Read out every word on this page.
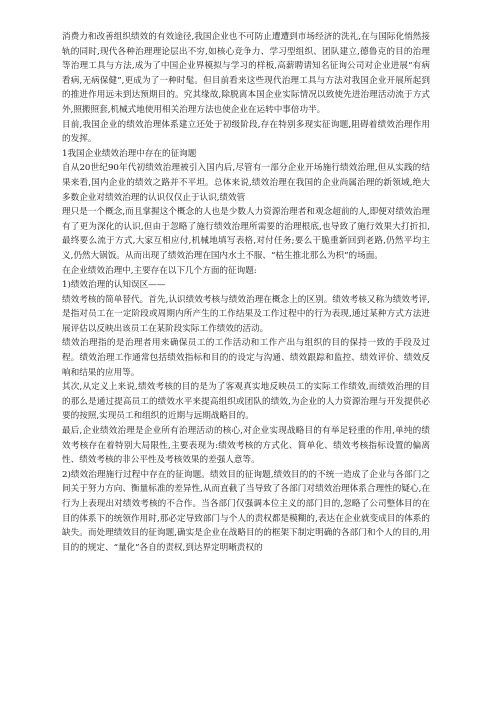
消费力和改善组织绩效的有效途径,我国企业也不可防止遭遭到市场经济的洗礼,在与国际化悄然接轨的同时,现代各种治理理论层出不穷,如核心竞争力、学习型组织、团队建立,德鲁克的目的治理等治理工具与方法,成为了中国企业界模拟与学习的样板,高薪聘请知名征询公司对企业进展“有病看病,无病保健”,更成为了一种时髦。但目前看来这些现代治理工具与方法对我国企业开展所起到的推进作用远未到达预期目的。究其缘故,除脱离本国企业实际情况以致使先进治理活动流于方式外,照搬照套,机械式地使用相关治理方法也使企业在运转中事倍功半。

目前,我国企业的绩效治理体系建立还处于初级阶段,存在特别多现实征询题,阻碍着绩效治理作用的发挥。

1我国企业绩效治理中存在的征询题

自从20世纪90年代初绩效治理被引入国内后,尽管有一部分企业开场施行绩效治理,但从实践的结果来看,国内企业的绩效之路并不平坦。总体来说,绩效治理在我国的企业尚属治理的新领域,绝大多数企业对绩效治理的认识仅仅止于认识,绩效管

理只是一个概念,而且掌握这个概念的人也是少数人力资源治理者和观念超前的人,即便对绩效治理有了更为深化的认识,但由于忽略了施行绩效治理所需要的治理根底,也导致了施行效果大打折扣,最终要么流于方式,大家互相应付,机械地填写表格,对付任务;要么干脆重新回到老路,仍然平均主义,仍然大锅饭。从而出现了绩效治理在国内水土不服、“枯生推北那么为枳”的场面。

在企业绩效治理中,主要存在以下几个方面的征询题:

1)绩效治理的认知误区——

绩效考核的简单替代。首先,认识绩效考核与绩效治理在概念上的区别。绩效考核又称为绩效考评,是指对员工在一定阶段或周期内所产生的工作结果及工作过程中的行为表现,通过某种方式方法进展评估以反映出该员工在某阶段实际工作绩效的活动。

绩效治理指的是治理者用来确保员工的工作活动和工作产出与组织的目的保持一致的手段及过程。绩效治理工作通常包括绩效指标和目的的设定与沟通、绩效跟踪和监控、绩效评价、绩效反响和结果的应用等。

其次,从定义上来说,绩效考核的目的是为了客观真实地反映员工的实际工作绩效,而绩效治理的目的那么是通过提高员工的绩效水平来提高组织或团队的绩效,为企业的人力资源治理与开发提供必要的按照,实现员工和组织的近期与远期战略目的。

最后,企业绩效治理是企业所有治理活动的核心,对企业实现战略目的有举足轻重的作用,单纯的绩效考核存在着特别大局限性,主要表现为:绩效考核的方式化、简单化、绩效考核指标设置的偏离性、绩效考核的非公平性及考核效果的差强人意等。

2)绩效治理施行过程中存在的征询题。绩效目的征询题,绩效目的的不统一造成了企业与各部门之间关于努力方向、衡量标准的差异性,从而直截了当导致了各部门对绩效治理体系合理性的疑心,在行为上表现出对绩效考核的不合作。当各部门仅强调本位主义的部门目的,忽略了公司整体目的在目的体系下的统领作用时,那必定导致部门与个人的责权都是模糊的,表达在企业就变成目的体系的缺失。而处理绩效目的征询题,确实是企业在战略目的的框架下制定明确的各部门和个人的目的,用目的的规定、“量化”各自的责权,到达界定明晰责权的
